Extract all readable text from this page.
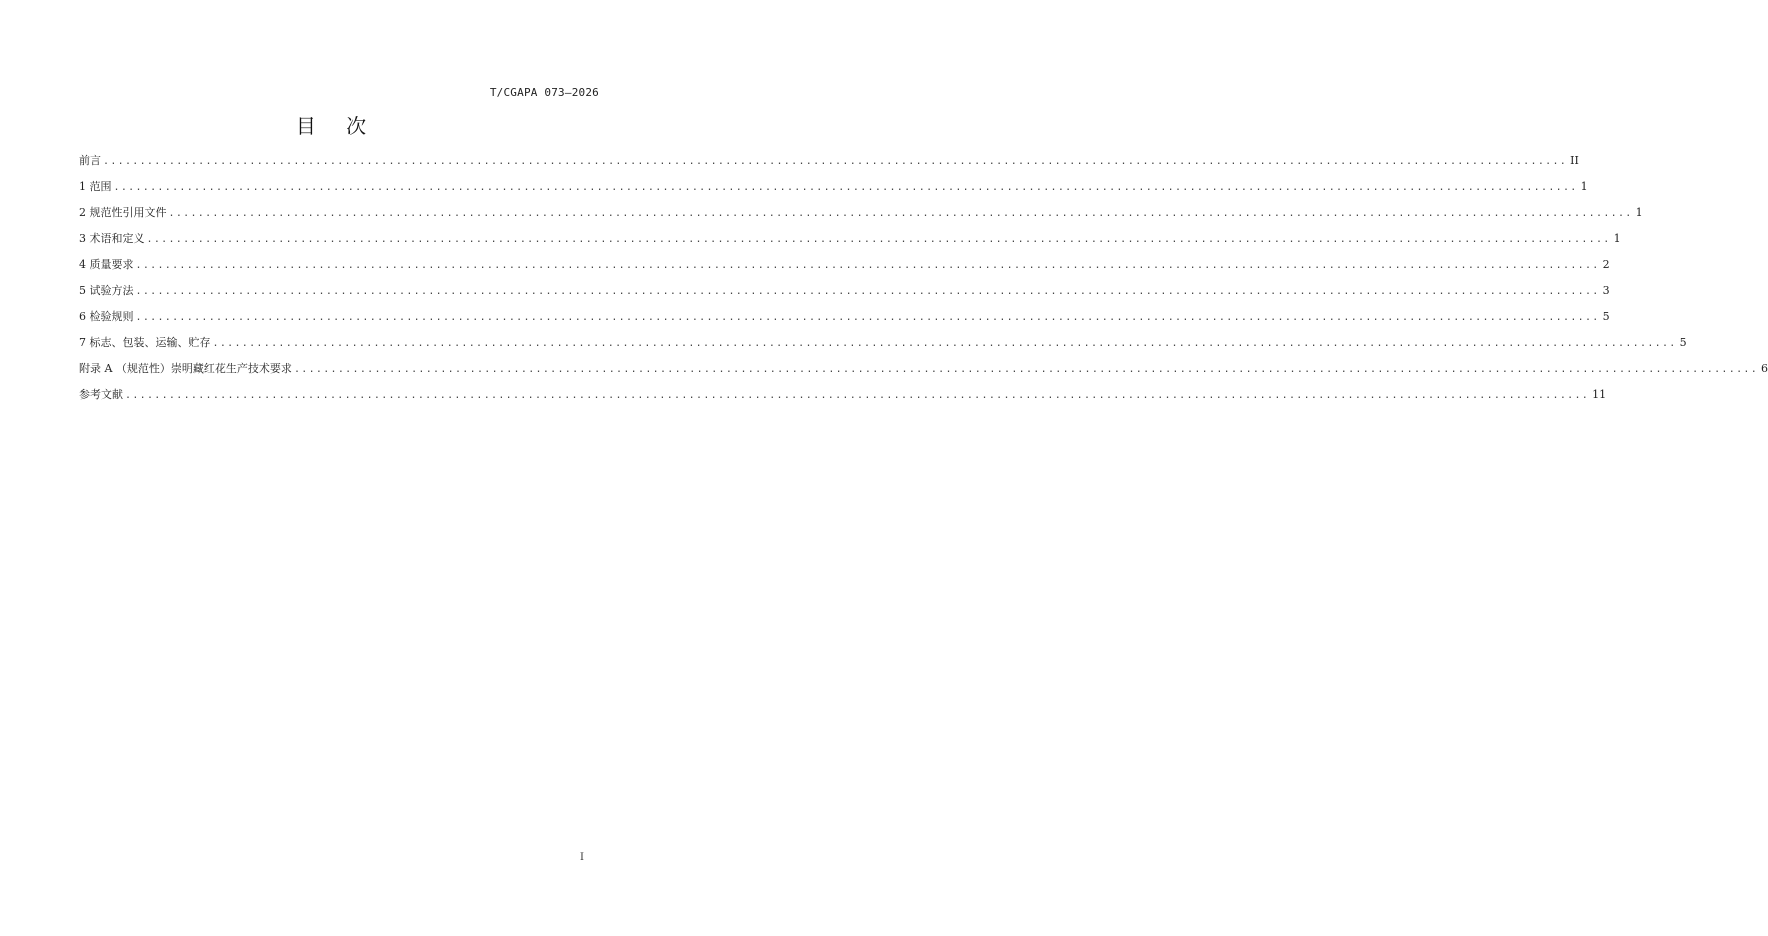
T/CGAPA 073—2026
目 次
前言 ........................................................................................................................................................................................................ II
1 范围 ........................................................................................................................................................................................................ 1
2 规范性引用文件 ........................................................................................................................................................................................................ 1
3 术语和定义 ........................................................................................................................................................................................................ 1
4 质量要求 ........................................................................................................................................................................................................ 2
5 试验方法 ........................................................................................................................................................................................................ 3
6 检验规则 ........................................................................................................................................................................................................ 5
7 标志、包装、运输、贮存 ........................................................................................................................................................................................................ 5
附录 A （规范性）崇明藏红花生产技术要求 ........................................................................................................................................................................................................ 6
参考文献 ........................................................................................................................................................................................................ 11
I
